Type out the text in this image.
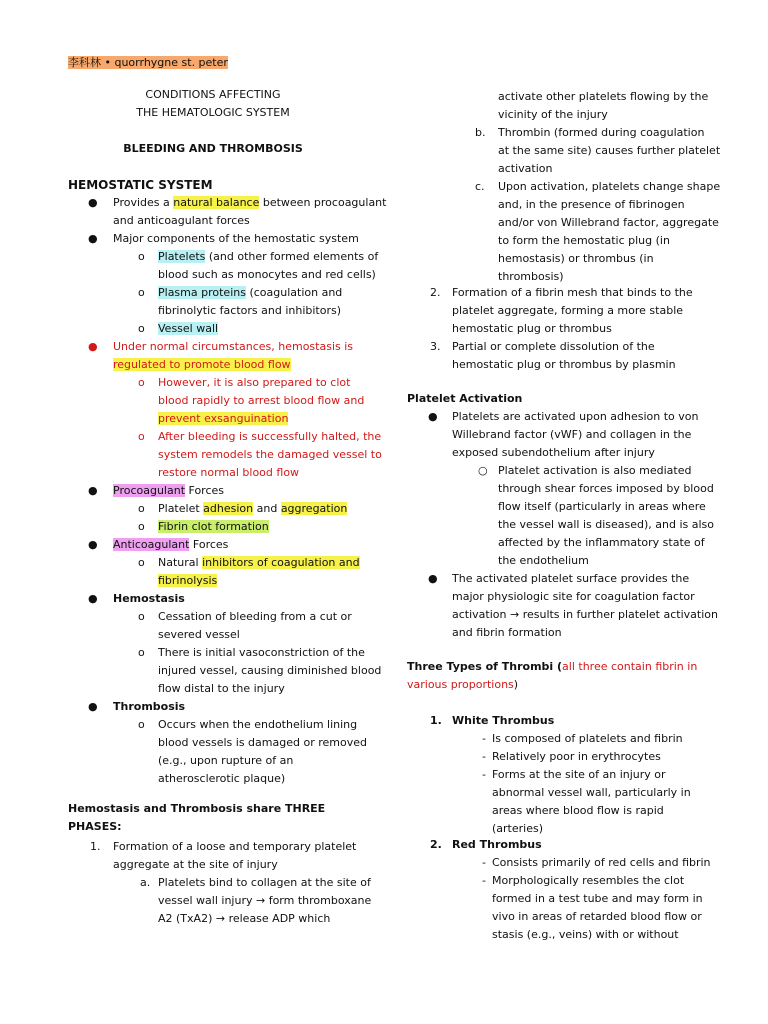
李科林 • quorrhygne st. peter
CONDITIONS AFFECTING
THE HEMATOLOGIC SYSTEM
BLEEDING AND THROMBOSIS
HEMOSTATIC SYSTEM
● Provides a natural balance between procoagulant
and anticoagulant forces
● Major components of the hemostatic system
o Platelets (and other formed elements of
blood such as monocytes and red cells)
o Plasma proteins (coagulation and
fibrinolytic factors and inhibitors)
o Vessel wall
● Under normal circumstances, hemostasis is
regulated to promote blood flow
o However, it is also prepared to clot
blood rapidly to arrest blood flow and
prevent exsanguination
o After bleeding is successfully halted, the
system remodels the damaged vessel to
restore normal blood flow
● Procoagulant Forces
o Platelet adhesion and aggregation
o Fibrin clot formation
● Anticoagulant Forces
o Natural inhibitors of coagulation and
fibrinolysis
● Hemostasis
o Cessation of bleeding from a cut or
severed vessel
o There is initial vasoconstriction of the
injured vessel, causing diminished blood
flow distal to the injury
● Thrombosis
o Occurs when the endothelium lining
blood vessels is damaged or removed
(e.g., upon rupture of an
atherosclerotic plaque)
Hemostasis and Thrombosis share THREE
PHASES:
1. Formation of a loose and temporary platelet
aggregate at the site of injury
a. Platelets bind to collagen at the site of
vessel wall injury → form thromboxane
A2 (TxA2) → release ADP which
activate other platelets flowing by the
vicinity of the injury
b. Thrombin (formed during coagulation
at the same site) causes further platelet
activation
c. Upon activation, platelets change shape
and, in the presence of fibrinogen
and/or von Willebrand factor, aggregate
to form the hemostatic plug (in
hemostasis) or thrombus (in
thrombosis)
2. Formation of a fibrin mesh that binds to the
platelet aggregate, forming a more stable
hemostatic plug or thrombus
3. Partial or complete dissolution of the
hemostatic plug or thrombus by plasmin
Platelet Activation
● Platelets are activated upon adhesion to von
Willebrand factor (vWF) and collagen in the
exposed subendothelium after injury
○ Platelet activation is also mediated
through shear forces imposed by blood
flow itself (particularly in areas where
the vessel wall is diseased), and is also
affected by the inflammatory state of
the endothelium
● The activated platelet surface provides the
major physiologic site for coagulation factor
activation → results in further platelet activation
and fibrin formation
Three Types of Thrombi (all three contain fibrin in
various proportions)
1. White Thrombus
- Is composed of platelets and fibrin
- Relatively poor in erythrocytes
- Forms at the site of an injury or
abnormal vessel wall, particularly in
areas where blood flow is rapid
(arteries)
2. Red Thrombus
- Consists primarily of red cells and fibrin
- Morphologically resembles the clot
formed in a test tube and may form in
vivo in areas of retarded blood flow or
stasis (e.g., veins) with or without
